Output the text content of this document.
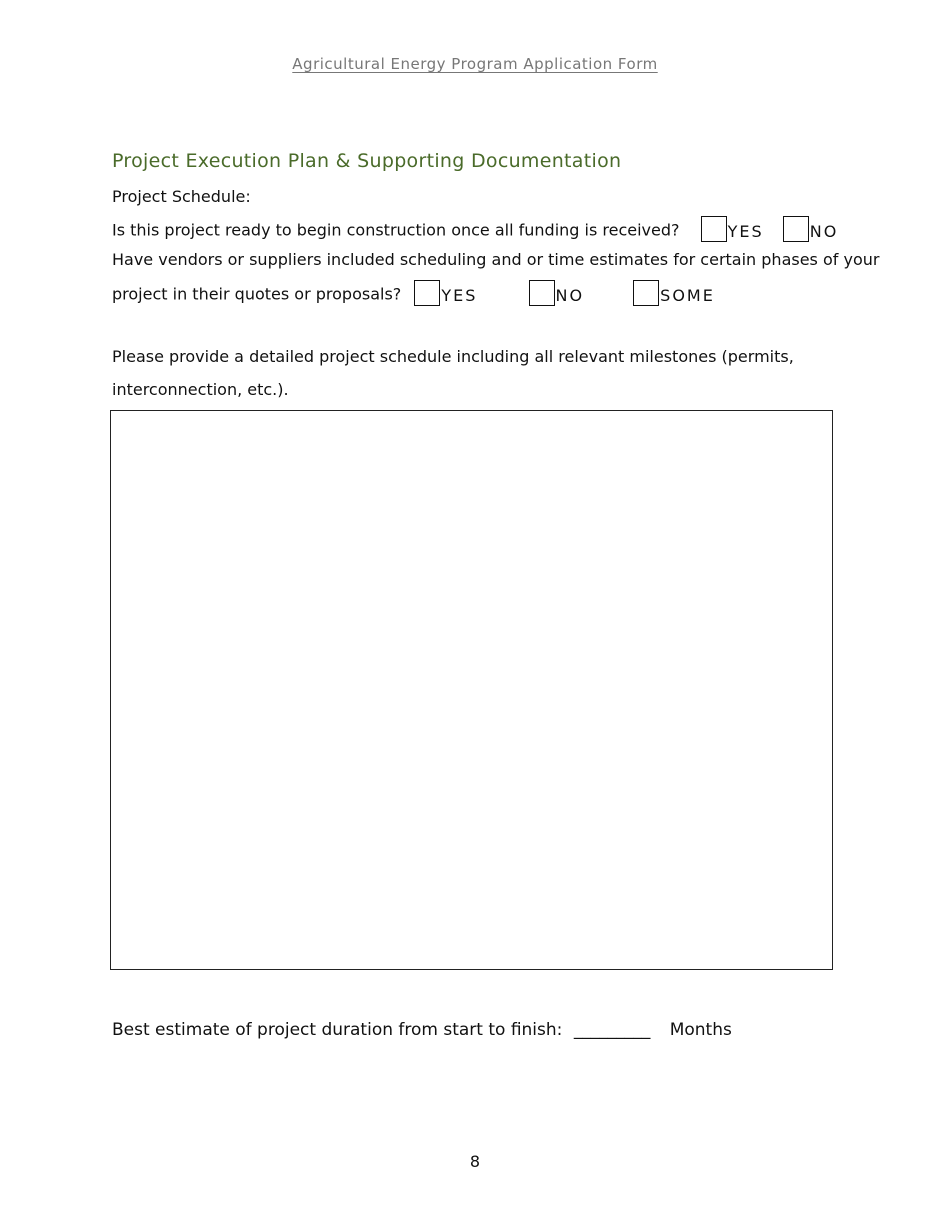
Agricultural Energy Program Application Form
Project Execution Plan & Supporting Documentation
Project Schedule:
Is this project ready to begin construction once all funding is received?	YES	NO
Have vendors or suppliers included scheduling and or time estimates for certain phases of your
project in their quotes or proposals?	YES	NO	SOME
Please provide a detailed project schedule including all relevant milestones (permits,
interconnection, etc.).
Best estimate of project duration from start to finish: _________ Months
8
